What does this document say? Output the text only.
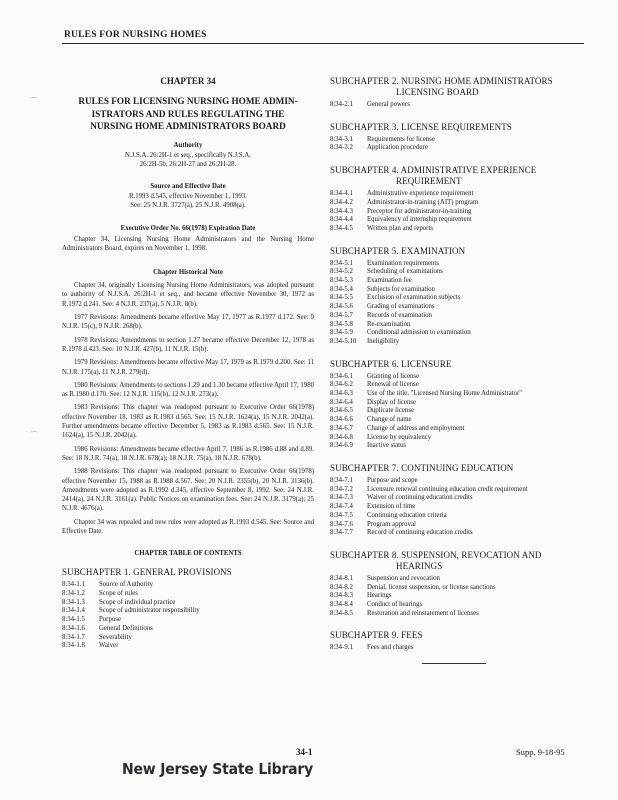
RULES FOR NURSING HOMES
CHAPTER 34
RULES FOR LICENSING NURSING HOME ADMIN-
ISTRATORS AND RULES REGULATING THE
NURSING HOME ADMINISTRATORS BOARD
Authority
N.J.S.A. 26:2H-1 et seq., specifically N.J.S.A.
26:2H-5b, 26:2H-27 and 26:2H-28.
Source and Effective Date
R.1993 d.545, effective November 1, 1993.
See: 25 N.J.R. 3727(a), 25 N.J.R. 4908(a).
Executive Order No. 66(1978) Expiration Date
Chapter 34, Licensing Nursing Home Administrators and the Nursing Home Administrators Board, expires on November 1, 1998.
Chapter Historical Note
Chapter 34, originally Licensing Nursing Home Administrators, was adopted pursuant to authority of N.J.S.A. 26:2H-1 et seq., and became effective November 30, 1972 as R.1972 d.241. See: 4 N.J.R. 237(a), 5 N.J.R. 8(b).
1977 Revisions: Amendments became effective May 17, 1977 as R.1977 d.172. See: 9 N.J.R. 15(c), 9 N.J.R. 268(b).
1978 Revisions: Amendments to section 1.27 became effective December 12, 1978 as R.1978 d.423. See: 10 N.J.R. 427(b), 11 N.J.R. 15(b).
1979 Revisions: Amendments became effective May 17, 1979 as R.1979 d.200. See: 11 N.J.R. 175(a), 11 N.J.R. 279(d).
1980 Revisions: Amendments to sections 1.29 and 1.30 became effective April 17, 1980 as R.1980 d.170. See: 12 N.J.R. 115(b), 12 N.J.R. 273(a).
1983 Revisions: This chapter was readopted pursuant to Executive Order 66(1978) effective November 18, 1983 as R.1983 d.565. See: 15 N.J.R. 1624(a), 15 N.J.R. 2042(a). Further amendments became effective December 5, 1983 as R.1983 d.565. See: 15 N.J.R. 1624(a), 15 N.J.R. 2042(a).
1986 Revisions: Amendments became effective April 7, 1986 as R.1986 d.88 and d.89. See: 18 N.J.R. 74(a), 18 N.J.R. 678(a); 18 N.J.R. 75(a), 18 N.J.R. 678(b).
1988 Revisions: This chapter was readopted pursuant to Executive Order 66(1978) effective November 15, 1988 as R.1988 d.567. See: 20 N.J.R. 2355(b), 20 N.J.R. 3136(b). Amendments were adopted as R.1992 d.345, effective September 8, 1992. See: 24 N.J.R. 2414(a), 24 N.J.R. 3161(a). Public Notices on examination fees. See: 24 N.J.R. 3179(a); 25 N.J.R. 4676(a).
Chapter 34 was repealed and new rules were adopted as R.1993 d.545. See: Source and Effective Date.
CHAPTER TABLE OF CONTENTS
SUBCHAPTER 1. GENERAL PROVISIONS
8:34-1.1	Source of Authority
8:34-1.2	Scope of rules
8:34-1.3	Scope of individual practice
8:34-1.4	Scope of administrator responsibility
8:34-1.5	Purpose
8:34-1.6	General Definitions
8:34-1.7	Severability
8:34-1.8	Waiver
SUBCHAPTER 2. NURSING HOME ADMINISTRATORS
LICENSING BOARD
8:34-2.1	General powers
SUBCHAPTER 3. LICENSE REQUIREMENTS
8:34-3.1	Requirements for license
8:34-3.2	Application procedure
SUBCHAPTER 4. ADMINISTRATIVE EXPERIENCE
REQUIREMENT
8:34-4.1	Administrative experience requirement
8:34-4.2	Administrator-in-training (AIT) program
8:34-4.3	Preceptor for administrator-in-training
8:34-4.4	Equivalency of internship requirement
8:34-4.5	Written plan and reports
SUBCHAPTER 5. EXAMINATION
8:34-5.1	Examination requirements
8:34-5.2	Scheduling of examinations
8:34-5.3	Examination fee
8:34-5.4	Subjects for examination
8:34-5.5	Exclusion of examination subjects
8:34-5.6	Grading of examinations
8:34-5.7	Records of examination
8:34-5.8	Re-examination
8:34-5.9	Conditional admission to examination
8:34-5.10	Ineligibility
SUBCHAPTER 6. LICENSURE
8:34-6.1	Granting of license
8:34-6.2	Renewal of license
8:34-6.3	Use of the title, "Licensed Nursing Home Administrator"
8:34-6.4	Display of license
8:34-6.5	Duplicate license
8:34-6.6	Change of name
8:34-6.7	Change of address and employment
8:34-6.8	License by equivalency
8:34-6.9	Inactive status
SUBCHAPTER 7. CONTINUING EDUCATION
8:34-7.1	Purpose and scope
8:34-7.2	Licensure renewal continuing education credit requirement
8:34-7.3	Waiver of continuing education credits
8:34-7.4	Extension of time
8:34-7.5	Continuing education criteria
8:34-7.6	Program approval
8:34-7.7	Record of continuing education credits
SUBCHAPTER 8. SUSPENSION, REVOCATION AND
HEARINGS
8:34-8.1	Suspension and revocation
8:34-8.2	Denial, license suspension, or license sanctions
8:34-8.3	Hearings
8:34-8.4	Conduct of hearings
8:34-8.5	Restoration and reinstatement of licenses
SUBCHAPTER 9. FEES
8:34-9.1	Fees and charges
34-1	Supp. 9-18-95
New Jersey State Library
⌒
⌒
